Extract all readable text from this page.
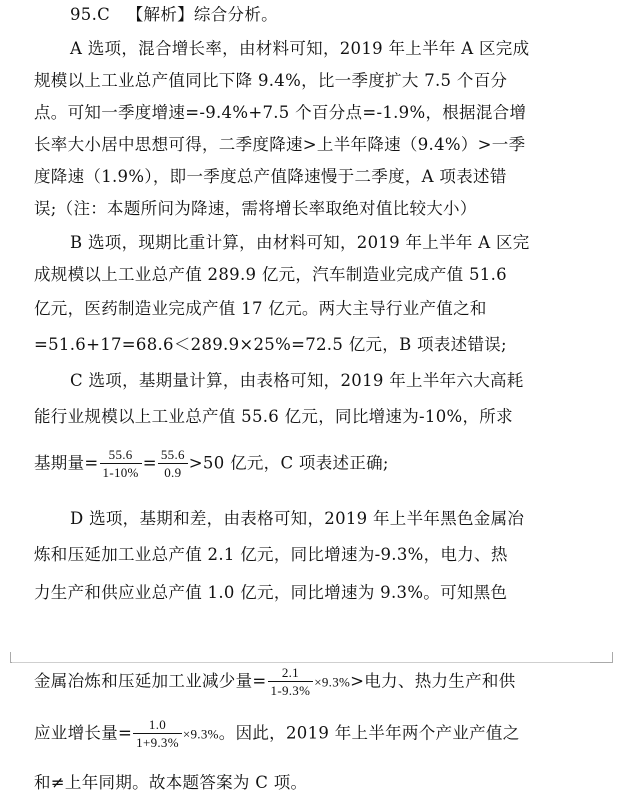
95.C 【解析】综合分析。
A 选项，混合增长率，由材料可知，2019 年上半年 A 区完成
规模以上工业总产值同比下降 9.4%，比一季度扩大 7.5 个百分
点。可知一季度增速=-9.4%+7.5 个百分点=-1.9%，根据混合增
长率大小居中思想可得，二季度降速>上半年降速（9.4%）>一季
度降速（1.9%），即一季度总产值降速慢于二季度，A 项表述错
误;（注：本题所问为降速，需将增长率取绝对值比较大小）
B 选项，现期比重计算，由材料可知，2019 年上半年 A 区完
成规模以上工业总产值 289.9 亿元，汽车制造业完成产值 51.6
亿元，医药制造业完成产值 17 亿元。两大主导行业产值之和
=51.6+17=68.6＜289.9×25%=72.5 亿元，B 项表述错误;
C 选项，基期量计算，由表格可知，2019 年上半年六大高耗
能行业规模以上工业总产值 55.6 亿元，同比增速为-10%，所求
基期量= $\frac{55.6}{1-10\%} = \frac{55.6}{0.9} >50$ 亿元，C 项表述正确;
D 选项，基期和差，由表格可知，2019 年上半年黑色金属冶
炼和压延加工业总产值 2.1 亿元，同比增速为-9.3%，电力、热
力生产和供应业总产值 1.0 亿元，同比增速为 9.3%。可知黑色
金属冶炼和压延加工业减少量= $\frac{2.1}{1-9.3\%} \times 9.3\%>$电力、热力生产和供
应业增长量= $\frac{1.0}{1+9.3\%} \times 9.3\%$。因此，2019 年上半年两个产业产值之
和≠上年同期。故本题答案为 C 项。
